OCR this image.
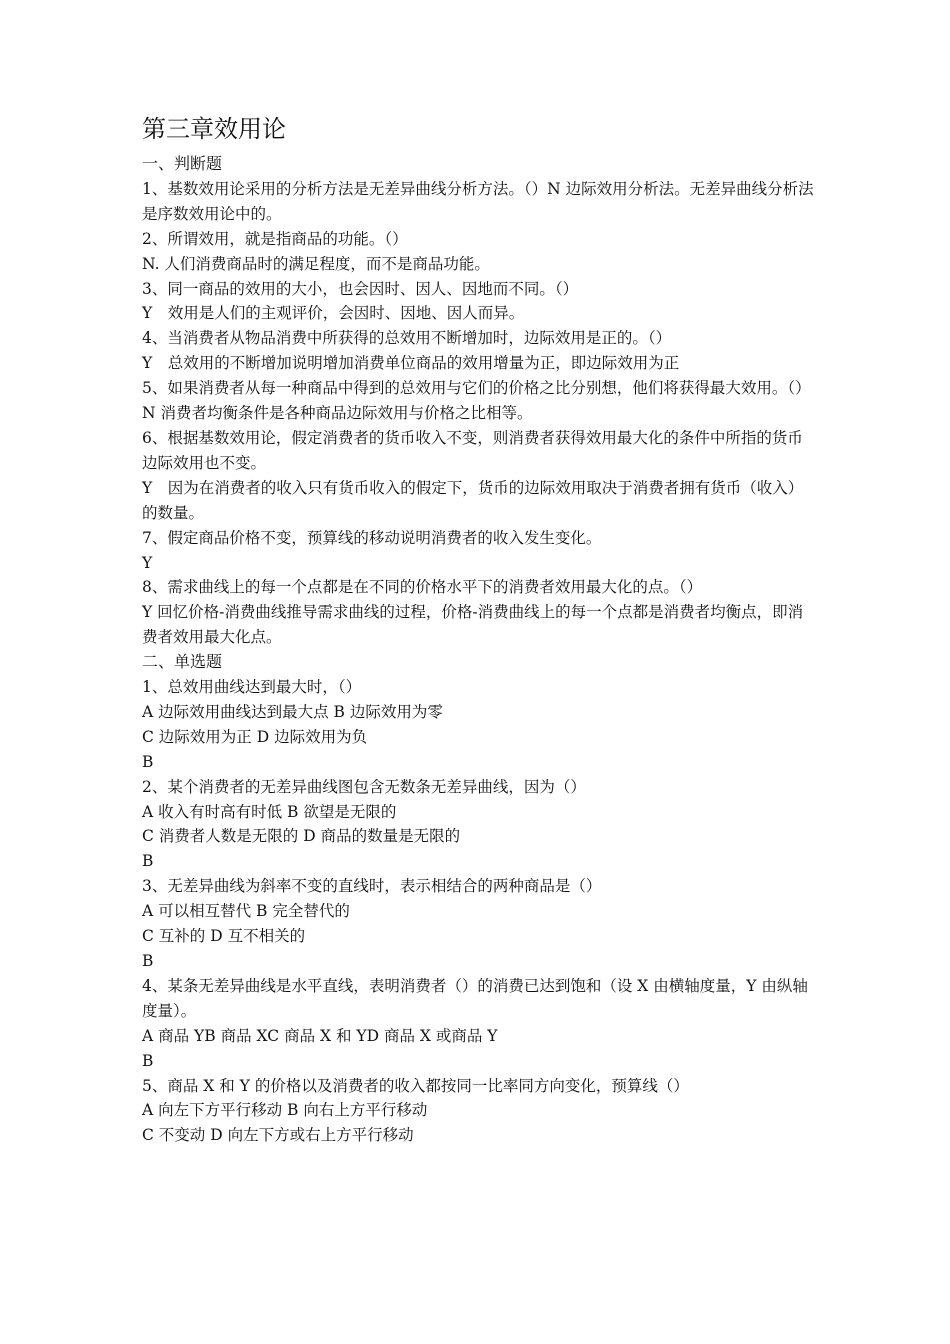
第三章效用论
一、判断题
1、基数效用论采用的分析方法是无差异曲线分析方法。（）N 边际效用分析法。无差异曲线分析法是序数效用论中的。
2、所谓效用，就是指商品的功能。（）
N. 人们消费商品时的满足程度，而不是商品功能。
3、同一商品的效用的大小，也会因时、因人、因地而不同。（）
Y　效用是人们的主观评价，会因时、因地、因人而异。
4、当消费者从物品消费中所获得的总效用不断增加时，边际效用是正的。（）
Y　总效用的不断增加说明增加消费单位商品的效用增量为正，即边际效用为正
5、如果消费者从每一种商品中得到的总效用与它们的价格之比分别想，他们将获得最大效用。（）
N 消费者均衡条件是各种商品边际效用与价格之比相等。
6、根据基数效用论，假定消费者的货币收入不变，则消费者获得效用最大化的条件中所指的货币边际效用也不变。
Y　因为在消费者的收入只有货币收入的假定下，货币的边际效用取决于消费者拥有货币（收入）的数量。
7、假定商品价格不变，预算线的移动说明消费者的收入发生变化。
Y
8、需求曲线上的每一个点都是在不同的价格水平下的消费者效用最大化的点。（）
Y 回忆价格-消费曲线推导需求曲线的过程，价格-消费曲线上的每一个点都是消费者均衡点，即消费者效用最大化点。
二、单选题
1、总效用曲线达到最大时，（）
A 边际效用曲线达到最大点 B 边际效用为零
C 边际效用为正 D 边际效用为负
B
2、某个消费者的无差异曲线图包含无数条无差异曲线，因为（）
A 收入有时高有时低 B 欲望是无限的
C 消费者人数是无限的 D 商品的数量是无限的
B
3、无差异曲线为斜率不变的直线时，表示相结合的两种商品是（）
A 可以相互替代 B 完全替代的
C 互补的 D 互不相关的
B
4、某条无差异曲线是水平直线，表明消费者（）的消费已达到饱和（设 X 由横轴度量，Y 由纵轴度量）。
A 商品 YB 商品 XC 商品 X 和 YD 商品 X 或商品 Y
B
5、商品 X 和 Y 的价格以及消费者的收入都按同一比率同方向变化，预算线（）
A 向左下方平行移动 B 向右上方平行移动
C 不变动 D 向左下方或右上方平行移动
